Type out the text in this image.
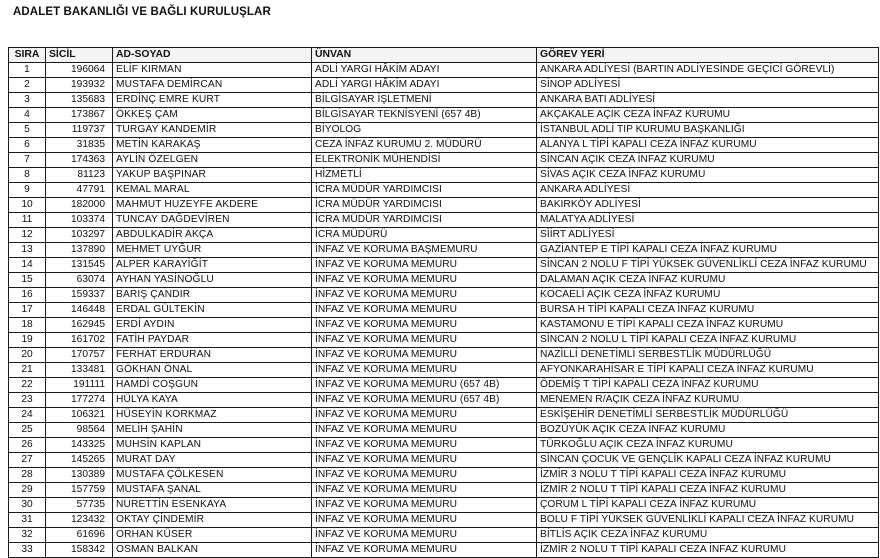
ADALET BAKANLIĞI VE BAĞLI KURULUŞLAR
SIRA	SİCİL	AD-SOYAD	ÜNVAN	GÖREV YERİ
1	196064	ELİF KIRMAN	ADLİ YARGI HÂKİM ADAYI	ANKARA ADLİYESİ (BARTIN ADLİYESİNDE GEÇİCİ GÖREVLİ)
2	193932	MUSTAFA DEMİRCAN	ADLİ YARGI HÂKİM ADAYI	SİNOP ADLİYESİ
3	135683	ERDİNÇ EMRE KURT	BİLGİSAYAR İŞLETMENİ	ANKARA BATI ADLİYESİ
4	173867	ÖKKEŞ ÇAM	BİLGİSAYAR TEKNİSYENİ (657 4B)	AKÇAKALE AÇIK CEZA İNFAZ KURUMU
5	119737	TURGAY KANDEMİR	BİYOLOG	İSTANBUL ADLİ TIP KURUMU BAŞKANLIĞI
6	31835	METİN KARAKAŞ	CEZA İNFAZ KURUMU 2. MÜDÜRÜ	ALANYA L TİPİ KAPALI CEZA İNFAZ KURUMU
7	174363	AYLİN ÖZELGEN	ELEKTRONİK MÜHENDİSİ	SİNCAN AÇIK CEZA İNFAZ KURUMU
8	81123	YAKUP BAŞPINAR	HİZMETLİ	SİVAS AÇIK CEZA İNFAZ KURUMU
9	47791	KEMAL MARAL	İCRA MÜDÜR YARDIMCISI	ANKARA ADLİYESİ
10	182000	MAHMUT HUZEYFE AKDERE	İCRA MÜDÜR YARDIMCISI	BAKIRKÖY ADLİYESİ
11	103374	TUNCAY DAĞDEVİREN	İCRA MÜDÜR YARDIMCISI	MALATYA ADLİYESİ
12	103297	ABDULKADİR AKÇA	İCRA MÜDÜRÜ	SİİRT ADLİYESİ
13	137890	MEHMET UYĞUR	İNFAZ VE KORUMA BAŞMEMURU	GAZİANTEP E TİPİ KAPALI CEZA İNFAZ KURUMU
14	131545	ALPER KARAYİĞİT	İNFAZ VE KORUMA MEMURU	SİNCAN 2 NOLU F TİPİ YÜKSEK GÜVENLİKLİ CEZA İNFAZ KURUMU
15	63074	AYHAN YASİNOĞLU	İNFAZ VE KORUMA MEMURU	DALAMAN AÇIK CEZA İNFAZ KURUMU
16	159337	BARIŞ ÇANDIR	İNFAZ VE KORUMA MEMURU	KOCAELİ AÇIK CEZA İNFAZ KURUMU
17	146448	ERDAL GÜLTEKİN	İNFAZ VE KORUMA MEMURU	BURSA H TİPİ KAPALI CEZA İNFAZ KURUMU
18	162945	ERDİ AYDIN	İNFAZ VE KORUMA MEMURU	KASTAMONU E TİPİ KAPALI CEZA İNFAZ KURUMU
19	161702	FATİH PAYDAR	İNFAZ VE KORUMA MEMURU	SİNCAN 2 NOLU L TİPİ KAPALI CEZA İNFAZ KURUMU
20	170757	FERHAT ERDURAN	İNFAZ VE KORUMA MEMURU	NAZİLLİ DENETİMLİ SERBESTLİK MÜDÜRLÜĞÜ
21	133481	GÖKHAN ÖNAL	İNFAZ VE KORUMA MEMURU	AFYONKARAHİSAR E TİPİ KAPALI CEZA İNFAZ KURUMU
22	191111	HAMDİ COŞGUN	İNFAZ VE KORUMA MEMURU (657 4B)	ÖDEMİŞ T TİPİ KAPALI CEZA İNFAZ KURUMU
23	177274	HÜLYA KAYA	İNFAZ VE KORUMA MEMURU (657 4B)	MENEMEN R/AÇIK CEZA İNFAZ KURUMU
24	106321	HÜSEYİN KORKMAZ	İNFAZ VE KORUMA MEMURU	ESKİŞEHİR DENETİMLİ SERBESTLİK MÜDÜRLÜĞÜ
25	98564	MELİH ŞAHİN	İNFAZ VE KORUMA MEMURU	BOZÜYÜK AÇIK CEZA İNFAZ KURUMU
26	143325	MUHSİN KAPLAN	İNFAZ VE KORUMA MEMURU	TÜRKOĞLU AÇIK CEZA İNFAZ KURUMU
27	145265	MURAT DAY	İNFAZ VE KORUMA MEMURU	SİNCAN ÇOCUK VE GENÇLİK KAPALI CEZA İNFAZ KURUMU
28	130389	MUSTAFA ÇÖLKESEN	İNFAZ VE KORUMA MEMURU	İZMİR 3 NOLU T TİPİ KAPALI CEZA İNFAZ KURUMU
29	157759	MUSTAFA ŞANAL	İNFAZ VE KORUMA MEMURU	İZMİR 2 NOLU T TİPİ KAPALI CEZA İNFAZ KURUMU
30	57735	NURETTİN ESENKAYA	İNFAZ VE KORUMA MEMURU	ÇORUM L TİPİ KAPALI CEZA İNFAZ KURUMU
31	123432	OKTAY ÇİNDEMİR	İNFAZ VE KORUMA MEMURU	BOLU F TİPİ YÜKSEK GÜVENLİKLİ KAPALI CEZA İNFAZ KURUMU
32	61696	ORHAN KÜSER	İNFAZ VE KORUMA MEMURU	BİTLİS AÇIK CEZA İNFAZ KURUMU
33	158342	OSMAN BALKAN	İNFAZ VE KORUMA MEMURU	İZMİR 2 NOLU T TİPİ KAPALI CEZA İNFAZ KURUMU
